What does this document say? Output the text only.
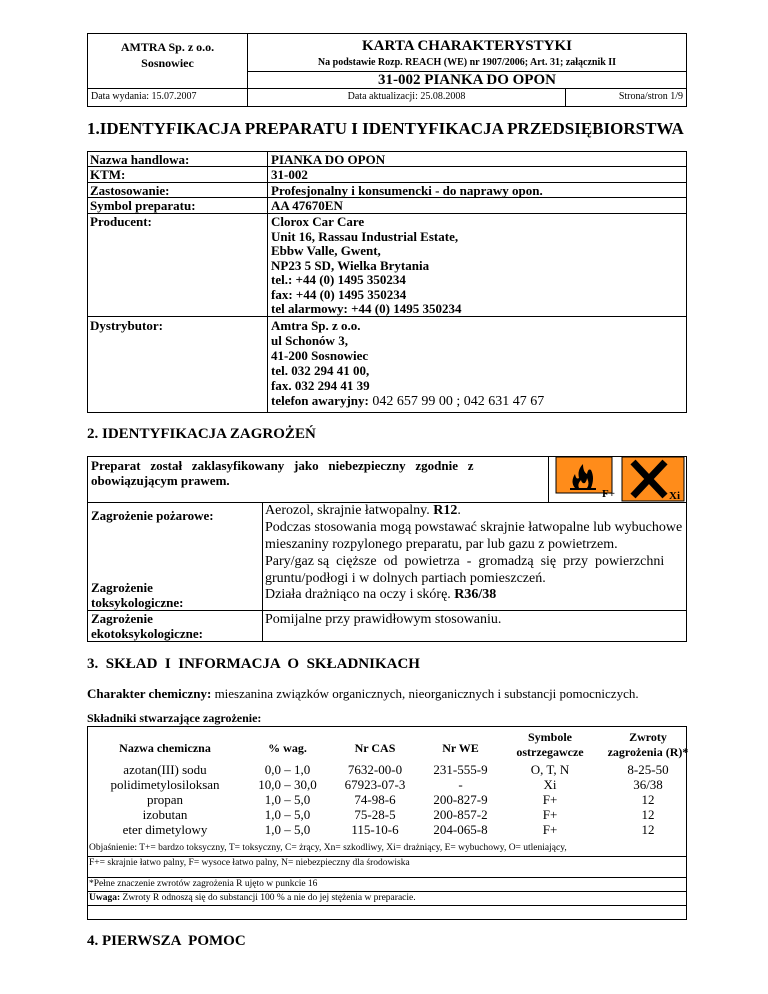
AMTRA Sp. z o.o.
Sosnowiec
KARTA CHARAKTERYSTYKI
Na podstawie Rozp. REACH (WE) nr 1907/2006; Art. 31; załącznik II
31-002 PIANKA DO OPON
Data wydania: 15.07.2007	Data aktualizacji: 25.08.2008	Strona/stron 1/9
1.IDENTYFIKACJA PREPARATU I IDENTYFIKACJA PRZEDSIĘBIORSTWA
Nazwa handlowa:	PIANKA DO OPON
KTM:	31-002
Zastosowanie:	Profesjonalny i konsumencki - do naprawy opon.
Symbol preparatu:	AA 47670EN
Producent:	Clorox Car Care
Unit 16, Rassau Industrial Estate,
Ebbw Valle, Gwent,
NP23 5 SD, Wielka Brytania
tel.: +44 (0) 1495 350234
fax: +44 (0) 1495 350234
tel alarmowy: +44 (0) 1495 350234
Dystrybutor:	Amtra Sp. z o.o.
ul Schonów 3,
41-200 Sosnowiec
tel. 032 294 41 00,
fax. 032 294 41 39
telefon awaryjny: 042 657 99 00 ; 042 631 47 67
2. IDENTYFIKACJA ZAGROŻEŃ
Preparat   został   zaklasyfikowany   jako   niebezpieczny   zgodnie   z
obowiązującym prawem.
F+	Xi
Zagrożenie pożarowe:	Aerozol, skrajnie łatwopalny. R12.
Podczas stosowania mogą powstawać skrajnie łatwopalne lub wybuchowe
mieszaniny rozpylonego preparatu, par lub gazu z powietrzem.
Pary/gaz są  cięższe  od  powietrza  -  gromadzą  się  przy  powierzchni
gruntu/podłogi i w dolnych partiach pomieszczeń.
Zagrożenie
toksykologiczne:
Działa drażniąco na oczy i skórę. R36/38
Zagrożenie
ekotoksykologiczne:
Pomijalne przy prawidłowym stosowaniu.
3.  SKŁAD  I  INFORMACJA  O  SKŁADNIKACH
Charakter chemiczny: mieszanina związków organicznych, nieorganicznych i substancji pomocniczych.
Składniki stwarzające zagrożenie:
Nazwa chemiczna	% wag.	Nr CAS	Nr WE
Symbole
ostrzegawcze
Zwroty
zagrożenia (R)*
azotan(III) sodu	0,0 – 1,0	7632-00-0	231-555-9	O, T, N	8-25-50
polidimetylosiloksan	10,0 – 30,0	67923-07-3	-	Xi	36/38
propan	1,0 – 5,0	74-98-6	200-827-9	F+	12
izobutan	1,0 – 5,0	75-28-5	200-857-2	F+	12
eter dimetylowy	1,0 – 5,0	115-10-6	204-065-8	F+	12
Objaśnienie: T+= bardzo toksyczny, T= toksyczny, C= żrący, Xn= szkodliwy, Xi= drażniący, E= wybuchowy, O= utleniający,
F+= skrajnie łatwo palny, F= wysoce łatwo palny, N= niebezpieczny dla środowiska
*Pełne znaczenie zwrotów zagrożenia R ujęto w punkcie 16
Uwaga: Zwroty R odnoszą się do substancji 100 % a nie do jej stężenia w preparacie.
4. PIERWSZA  POMOC
